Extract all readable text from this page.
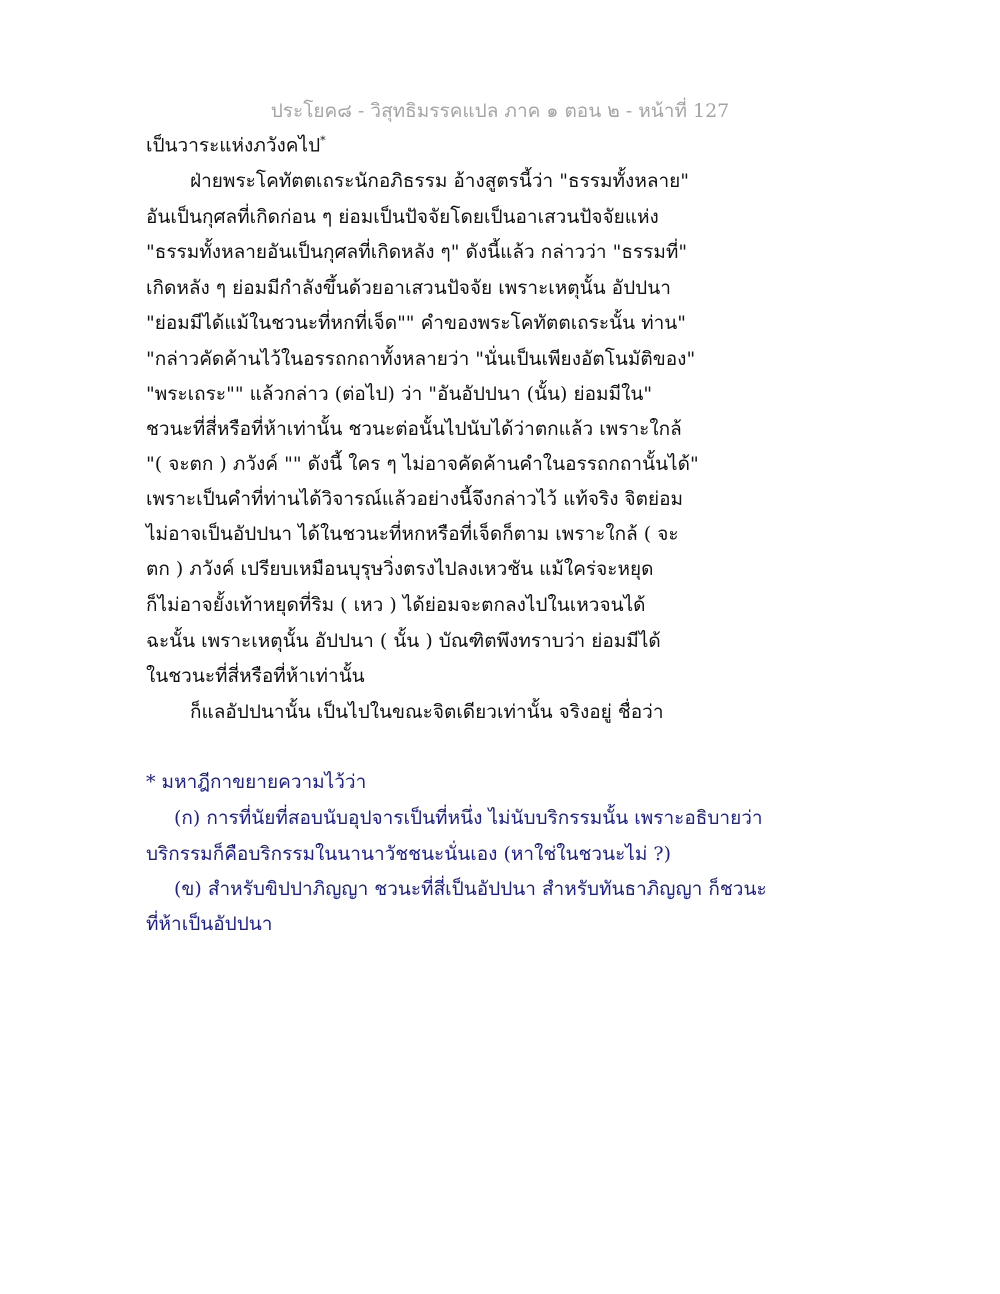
ประโยค๘ - วิสุทธิมรรคแปล ภาค ๑ ตอน ๒ - หน้าที่ 127
เป็นวาระแห่งภวังคไป*
ฝ่ายพระโคทัตตเถระนักอภิธรรม อ้างสูตรนี้ว่า "ธรรมทั้งหลาย"
อันเป็นกุศลที่เกิดก่อน ๆ ย่อมเป็นปัจจัยโดยเป็นอาเสวนปัจจัยแห่ง
"ธรรมทั้งหลายอันเป็นกุศลที่เกิดหลัง ๆ" ดังนี้แล้ว กล่าวว่า "ธรรมที่"
เกิดหลัง ๆ ย่อมมีกำลังขึ้นด้วยอาเสวนปัจจัย เพราะเหตุนั้น อัปปนา
"ย่อมมีได้แม้ในชวนะที่หกที่เจ็ด"" คำของพระโคทัตตเถระนั้น ท่าน"
"กล่าวคัดค้านไว้ในอรรถกถาทั้งหลายว่า "นั่นเป็นเพียงอัตโนมัติของ"
"พระเถระ"" แล้วกล่าว (ต่อไป) ว่า "อันอัปปนา (นั้น) ย่อมมีใน"
ชวนะที่สี่หรือที่ห้าเท่านั้น ชวนะต่อนั้นไปนับได้ว่าตกแล้ว เพราะใกล้
"( จะตก ) ภวังค์ "" ดังนี้ ใคร ๆ ไม่อาจคัดค้านคำในอรรถกถานั้นได้"
เพราะเป็นคำที่ท่านได้วิจารณ์แล้วอย่างนี้จึงกล่าวไว้ แท้จริง จิตย่อม
ไม่อาจเป็นอัปปนา ได้ในชวนะที่หกหรือที่เจ็ดก็ตาม เพราะใกล้ ( จะ
ตก ) ภวังค์ เปรียบเหมือนบุรุษวิ่งตรงไปลงเหวชัน แม้ใคร่จะหยุด
ก็ไม่อาจยั้งเท้าหยุดที่ริม ( เหว ) ได้ย่อมจะตกลงไปในเหวจนได้
ฉะนั้น เพราะเหตุนั้น อัปปนา ( นั้น ) บัณฑิตพึงทราบว่า ย่อมมีได้
ในชวนะที่สี่หรือที่ห้าเท่านั้น
ก็แลอัปปนานั้น เป็นไปในขณะจิตเดียวเท่านั้น จริงอยู่ ชื่อว่า
* มหาฎีกาขยายความไว้ว่า
(ก) การที่นัยที่สอบนับอุปจารเป็นที่หนึ่ง ไม่นับบริกรรมนั้น เพราะอธิบายว่า
บริกรรมก็คือบริกรรมในนานาวัชชนะนั่นเอง (หาใช่ในชวนะไม่ ?)
(ข) สำหรับขิปปาภิญญา ชวนะที่สี่เป็นอัปปนา สำหรับทันธาภิญญา ก็ชวนะ
ที่ห้าเป็นอัปปนา
